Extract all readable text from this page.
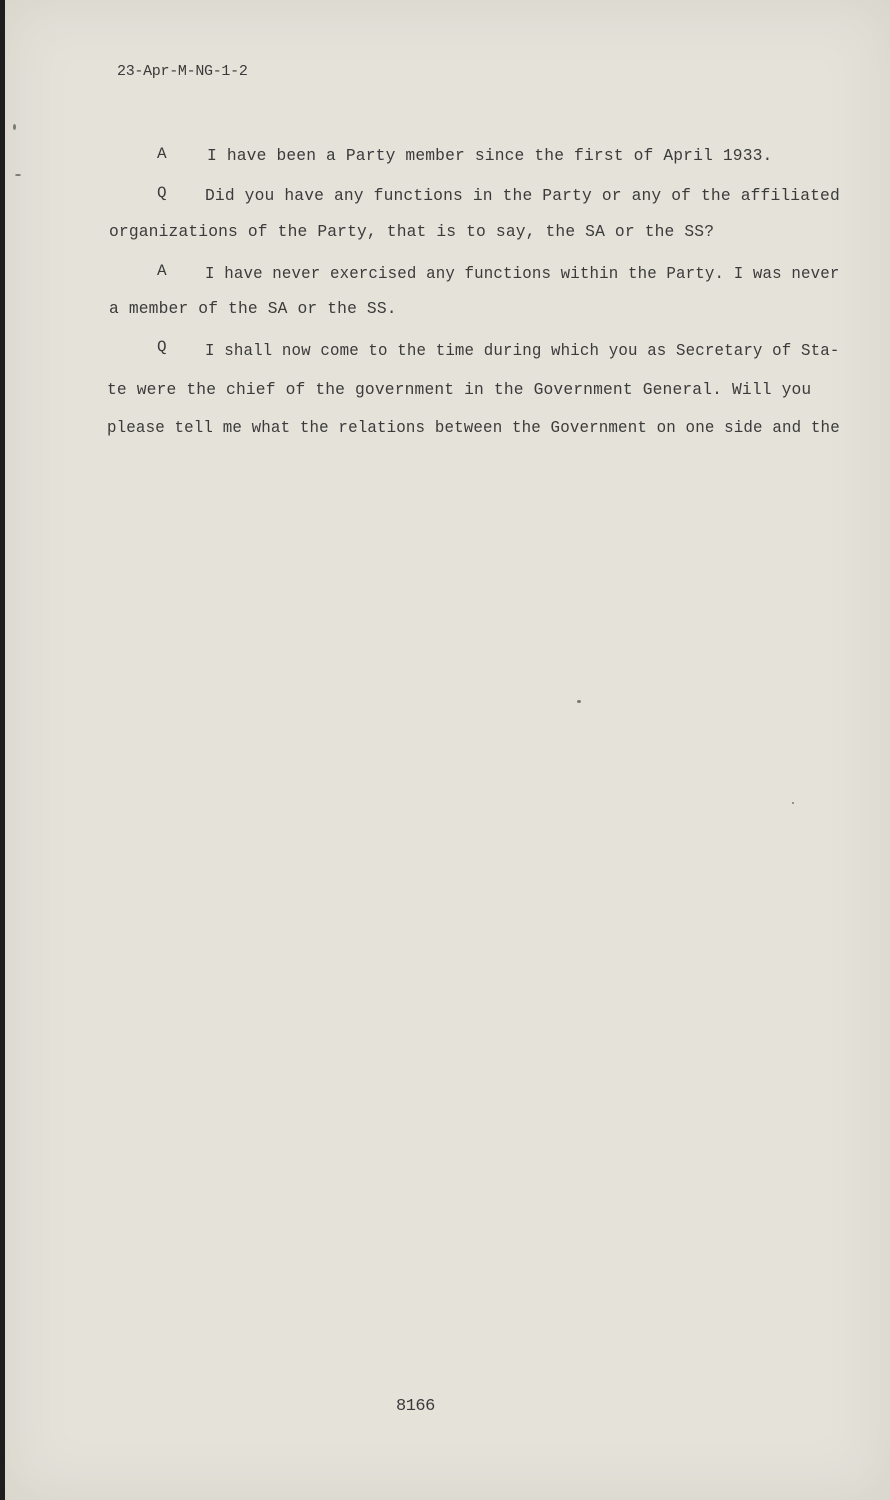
23-Apr-M-NG-1-2
A I have been a Party member since the first of April 1933.
Q Did you have any functions in the Party or any of the affiliated
organizations of the Party, that is to say, the SA or the SS?
A I have never exercised any functions within the Party. I was never
a member of the SA or the SS.
Q I shall now come to the time during which you as Secretary of Sta-
te were the chief of the government in the Government General. Will you
please tell me what the relations between the Government on one side and the
8166
